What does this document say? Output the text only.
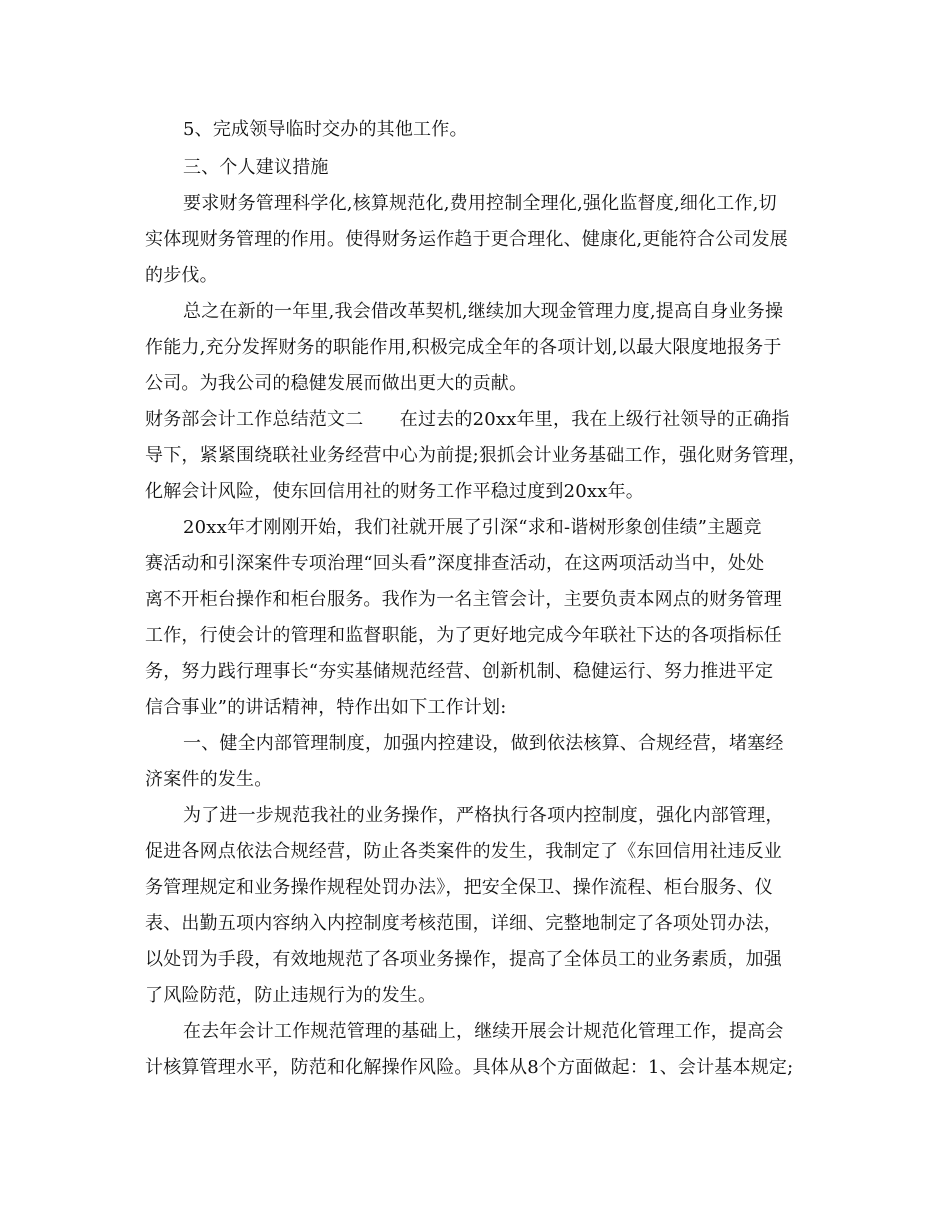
5、完成领导临时交办的其他工作。
三、个人建议措施
要求财务管理科学化,核算规范化,费用控制全理化,强化监督度,细化工作,切
实体现财务管理的作用。使得财务运作趋于更合理化、健康化,更能符合公司发展
的步伐。
总之在新的一年里,我会借改革契机,继续加大现金管理力度,提高自身业务操
作能力,充分发挥财务的职能作用,积极完成全年的各项计划,以最大限度地报务于
公司。为我公司的稳健发展而做出更大的贡献。
财务部会计工作总结范文二　　在过去的20xx年里，我在上级行社领导的正确指
导下，紧紧围绕联社业务经营中心为前提;狠抓会计业务基础工作，强化财务管理，
化解会计风险，使东回信用社的财务工作平稳过度到20xx年。
20xx年才刚刚开始，我们社就开展了引深“求和-谐树形象创佳绩”主题竞
赛活动和引深案件专项治理“回头看”深度排查活动，在这两项活动当中，处处
离不开柜台操作和柜台服务。我作为一名主管会计，主要负责本网点的财务管理
工作，行使会计的管理和监督职能，为了更好地完成今年联社下达的各项指标任
务，努力践行理事长“夯实基储规范经营、创新机制、稳健运行、努力推进平定
信合事业”的讲话精神，特作出如下工作计划:
一、健全内部管理制度，加强内控建设，做到依法核算、合规经营，堵塞经
济案件的发生。
为了进一步规范我社的业务操作，严格执行各项内控制度，强化内部管理，
促进各网点依法合规经营，防止各类案件的发生，我制定了《东回信用社违反业
务管理规定和业务操作规程处罚办法》，把安全保卫、操作流程、柜台服务、仪
表、出勤五项内容纳入内控制度考核范围，详细、完整地制定了各项处罚办法，
以处罚为手段，有效地规范了各项业务操作，提高了全体员工的业务素质，加强
了风险防范，防止违规行为的发生。
在去年会计工作规范管理的基础上，继续开展会计规范化管理工作，提高会
计核算管理水平，防范和化解操作风险。具体从8个方面做起：1、会计基本规定;
